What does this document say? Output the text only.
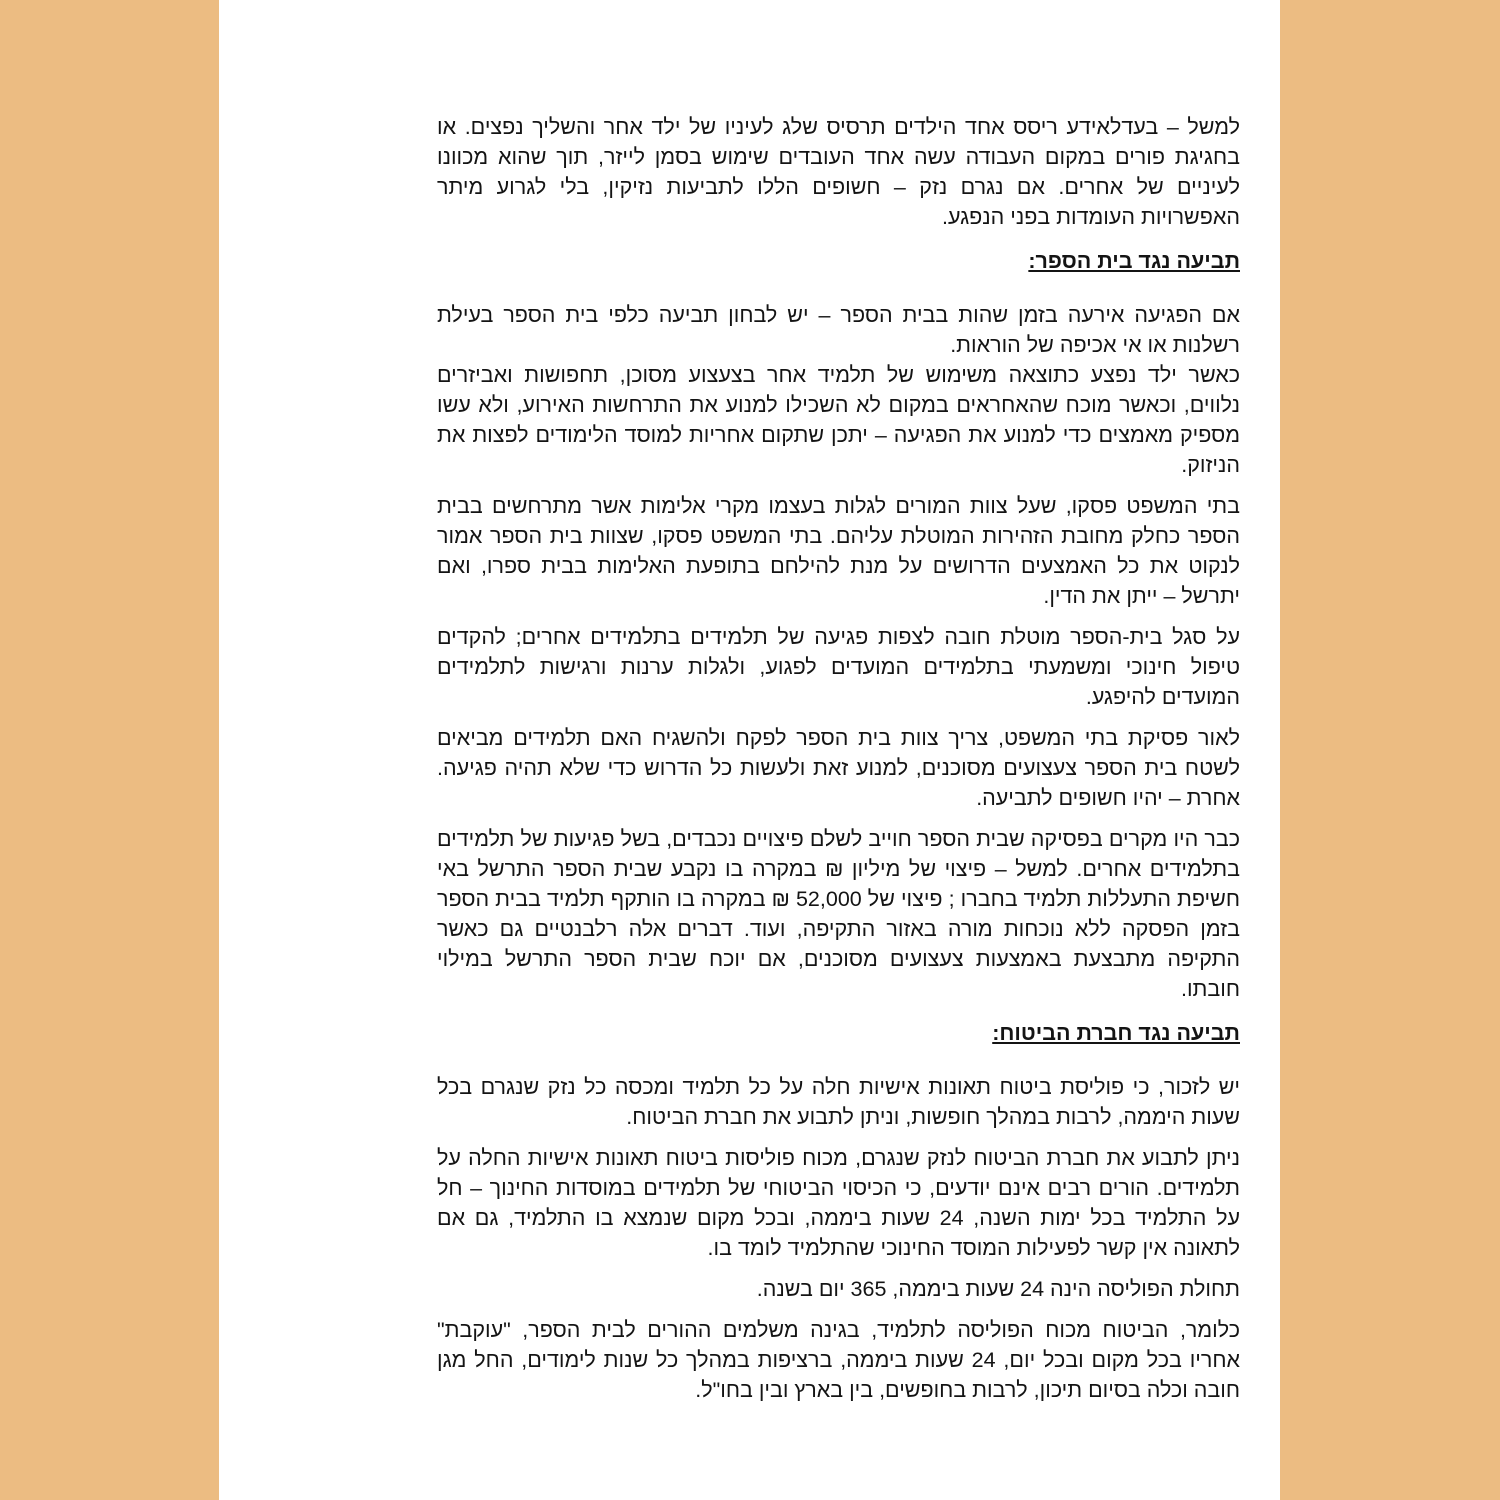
למשל – בעדלאידע ריסס אחד הילדים תרסיס שלג לעיניו של ילד אחר והשליך נפצים. או בחגיגת פורים במקום העבודה עשה אחד העובדים שימוש בסמן לייזר, תוך שהוא מכוונו לעיניים של אחרים. אם נגרם נזק – חשופים הללו לתביעות נזיקין, בלי לגרוע מיתר האפשרויות העומדות בפני הנפגע.

תביעה נגד בית הספר:

אם הפגיעה אירעה בזמן שהות בבית הספר – יש לבחון תביעה כלפי בית הספר בעילת רשלנות או אי אכיפה של הוראות.

כאשר ילד נפצע כתוצאה משימוש של תלמיד אחר בצעצוע מסוכן, תחפושות ואביזרים נלווים, וכאשר מוכח שהאחראים במקום לא השכילו למנוע את התרחשות האירוע, ולא עשו מספיק מאמצים כדי למנוע את הפגיעה – יתכן שתקום אחריות למוסד הלימודים לפצות את הניזוק.

בתי המשפט פסקו, שעל צוות המורים לגלות בעצמו מקרי אלימות אשר מתרחשים בבית הספר כחלק מחובת הזהירות המוטלת עליהם. בתי המשפט פסקו, שצוות בית הספר אמור לנקוט את כל האמצעים הדרושים על מנת להילחם בתופעת האלימות בבית ספרו, ואם יתרשל – ייתן את הדין.

על סגל בית-הספר מוטלת חובה לצפות פגיעה של תלמידים בתלמידים אחרים; להקדים טיפול חינוכי ומשמעתי בתלמידים המועדים לפגוע, ולגלות ערנות ורגישות לתלמידים המועדים להיפגע.

לאור פסיקת בתי המשפט, צריך צוות בית הספר לפקח ולהשגיח האם תלמידים מביאים לשטח בית הספר צעצועים מסוכנים, למנוע זאת ולעשות כל הדרוש כדי שלא תהיה פגיעה. אחרת – יהיו חשופים לתביעה.

כבר היו מקרים בפסיקה שבית הספר חוייב לשלם פיצויים נכבדים, בשל פגיעות של תלמידים בתלמידים אחרים. למשל – פיצוי של מיליון ₪ במקרה בו נקבע שבית הספר התרשל באי חשיפת התעללות תלמיד בחברו ; פיצוי של 52,000 ₪ במקרה בו הותקף תלמיד בבית הספר בזמן הפסקה ללא נוכחות מורה באזור התקיפה, ועוד. דברים אלה רלבנטיים גם כאשר התקיפה מתבצעת באמצעות צעצועים מסוכנים, אם יוכח שבית הספר התרשל במילוי חובתו.

תביעה נגד חברת הביטוח:

יש לזכור, כי פוליסת ביטוח תאונות אישיות חלה על כל תלמיד ומכסה כל נזק שנגרם בכל שעות היממה, לרבות במהלך חופשות, וניתן לתבוע את חברת הביטוח.

ניתן לתבוע את חברת הביטוח לנזק שנגרם, מכוח פוליסות ביטוח תאונות אישיות החלה על תלמידים. הורים רבים אינם יודעים, כי הכיסוי הביטוחי של תלמידים במוסדות החינוך – חל על התלמיד בכל ימות השנה, 24 שעות ביממה, ובכל מקום שנמצא בו התלמיד, גם אם לתאונה אין קשר לפעילות המוסד החינוכי שהתלמיד לומד בו.

תחולת הפוליסה הינה 24 שעות ביממה, 365 יום בשנה.

כלומר, הביטוח מכוח הפוליסה לתלמיד, בגינה משלמים ההורים לבית הספר, "עוקבת" אחריו בכל מקום ובכל יום, 24 שעות ביממה, ברציפות במהלך כל שנות לימודים, החל מגן חובה וכלה בסיום תיכון, לרבות בחופשים, בין בארץ ובין בחו"ל.
